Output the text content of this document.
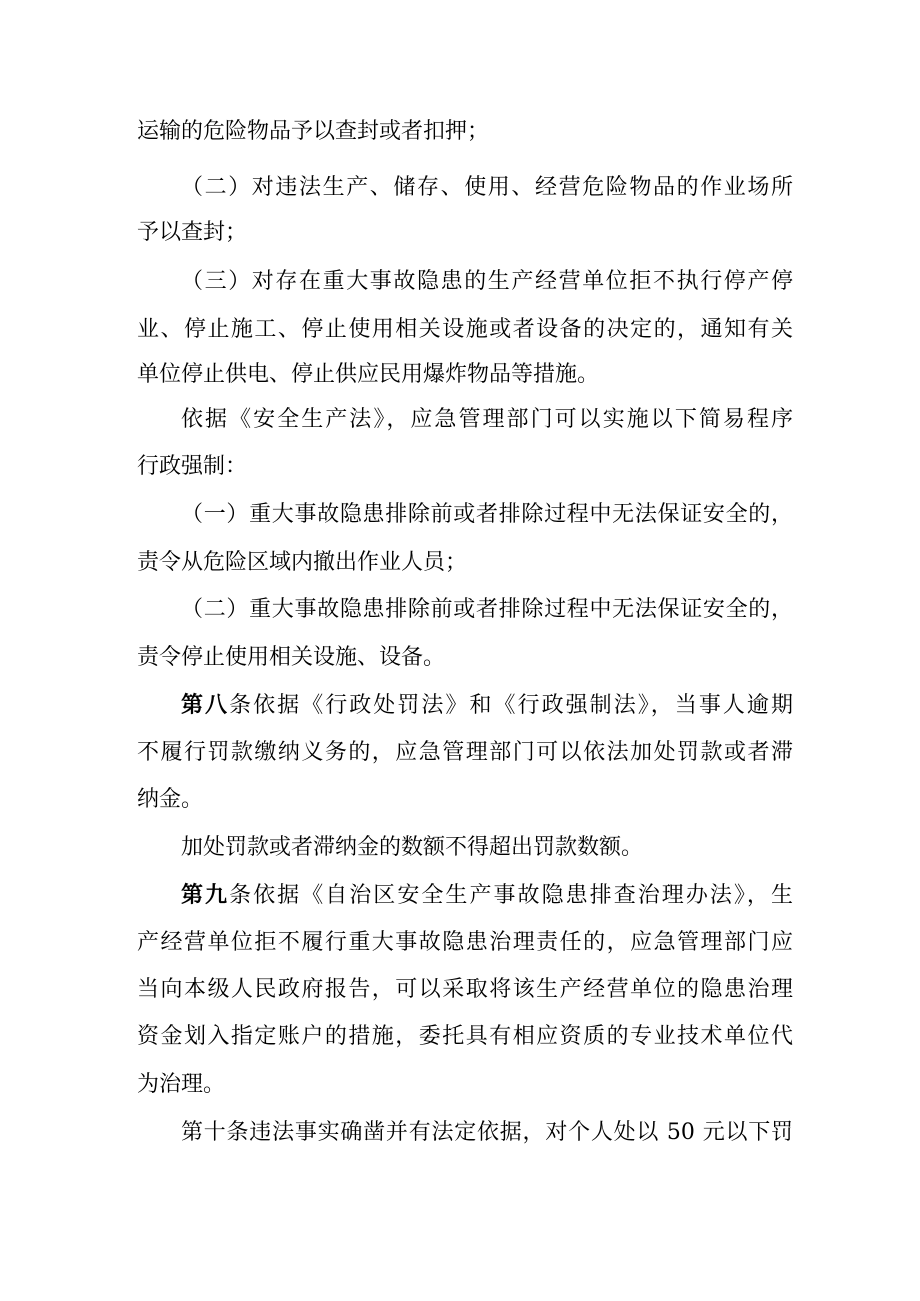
运输的危险物品予以查封或者扣押；
（二）对违法生产、储存、使用、经营危险物品的作业场所
予以查封；
（三）对存在重大事故隐患的生产经营单位拒不执行停产停
业、停止施工、停止使用相关设施或者设备的决定的，通知有关
单位停止供电、停止供应民用爆炸物品等措施。
依据《安全生产法》，应急管理部门可以实施以下简易程序
行政强制：
（一）重大事故隐患排除前或者排除过程中无法保证安全的，
责令从危险区域内撤出作业人员；
（二）重大事故隐患排除前或者排除过程中无法保证安全的，
责令停止使用相关设施、设备。
第八条依据《行政处罚法》和《行政强制法》，当事人逾期
不履行罚款缴纳义务的，应急管理部门可以依法加处罚款或者滞
纳金。
加处罚款或者滞纳金的数额不得超出罚款数额。
第九条依据《自治区安全生产事故隐患排查治理办法》，生
产经营单位拒不履行重大事故隐患治理责任的，应急管理部门应
当向本级人民政府报告，可以采取将该生产经营单位的隐患治理
资金划入指定账户的措施，委托具有相应资质的专业技术单位代
为治理。
第十条违法事实确凿并有法定依据，对个人处以 50 元以下罚
